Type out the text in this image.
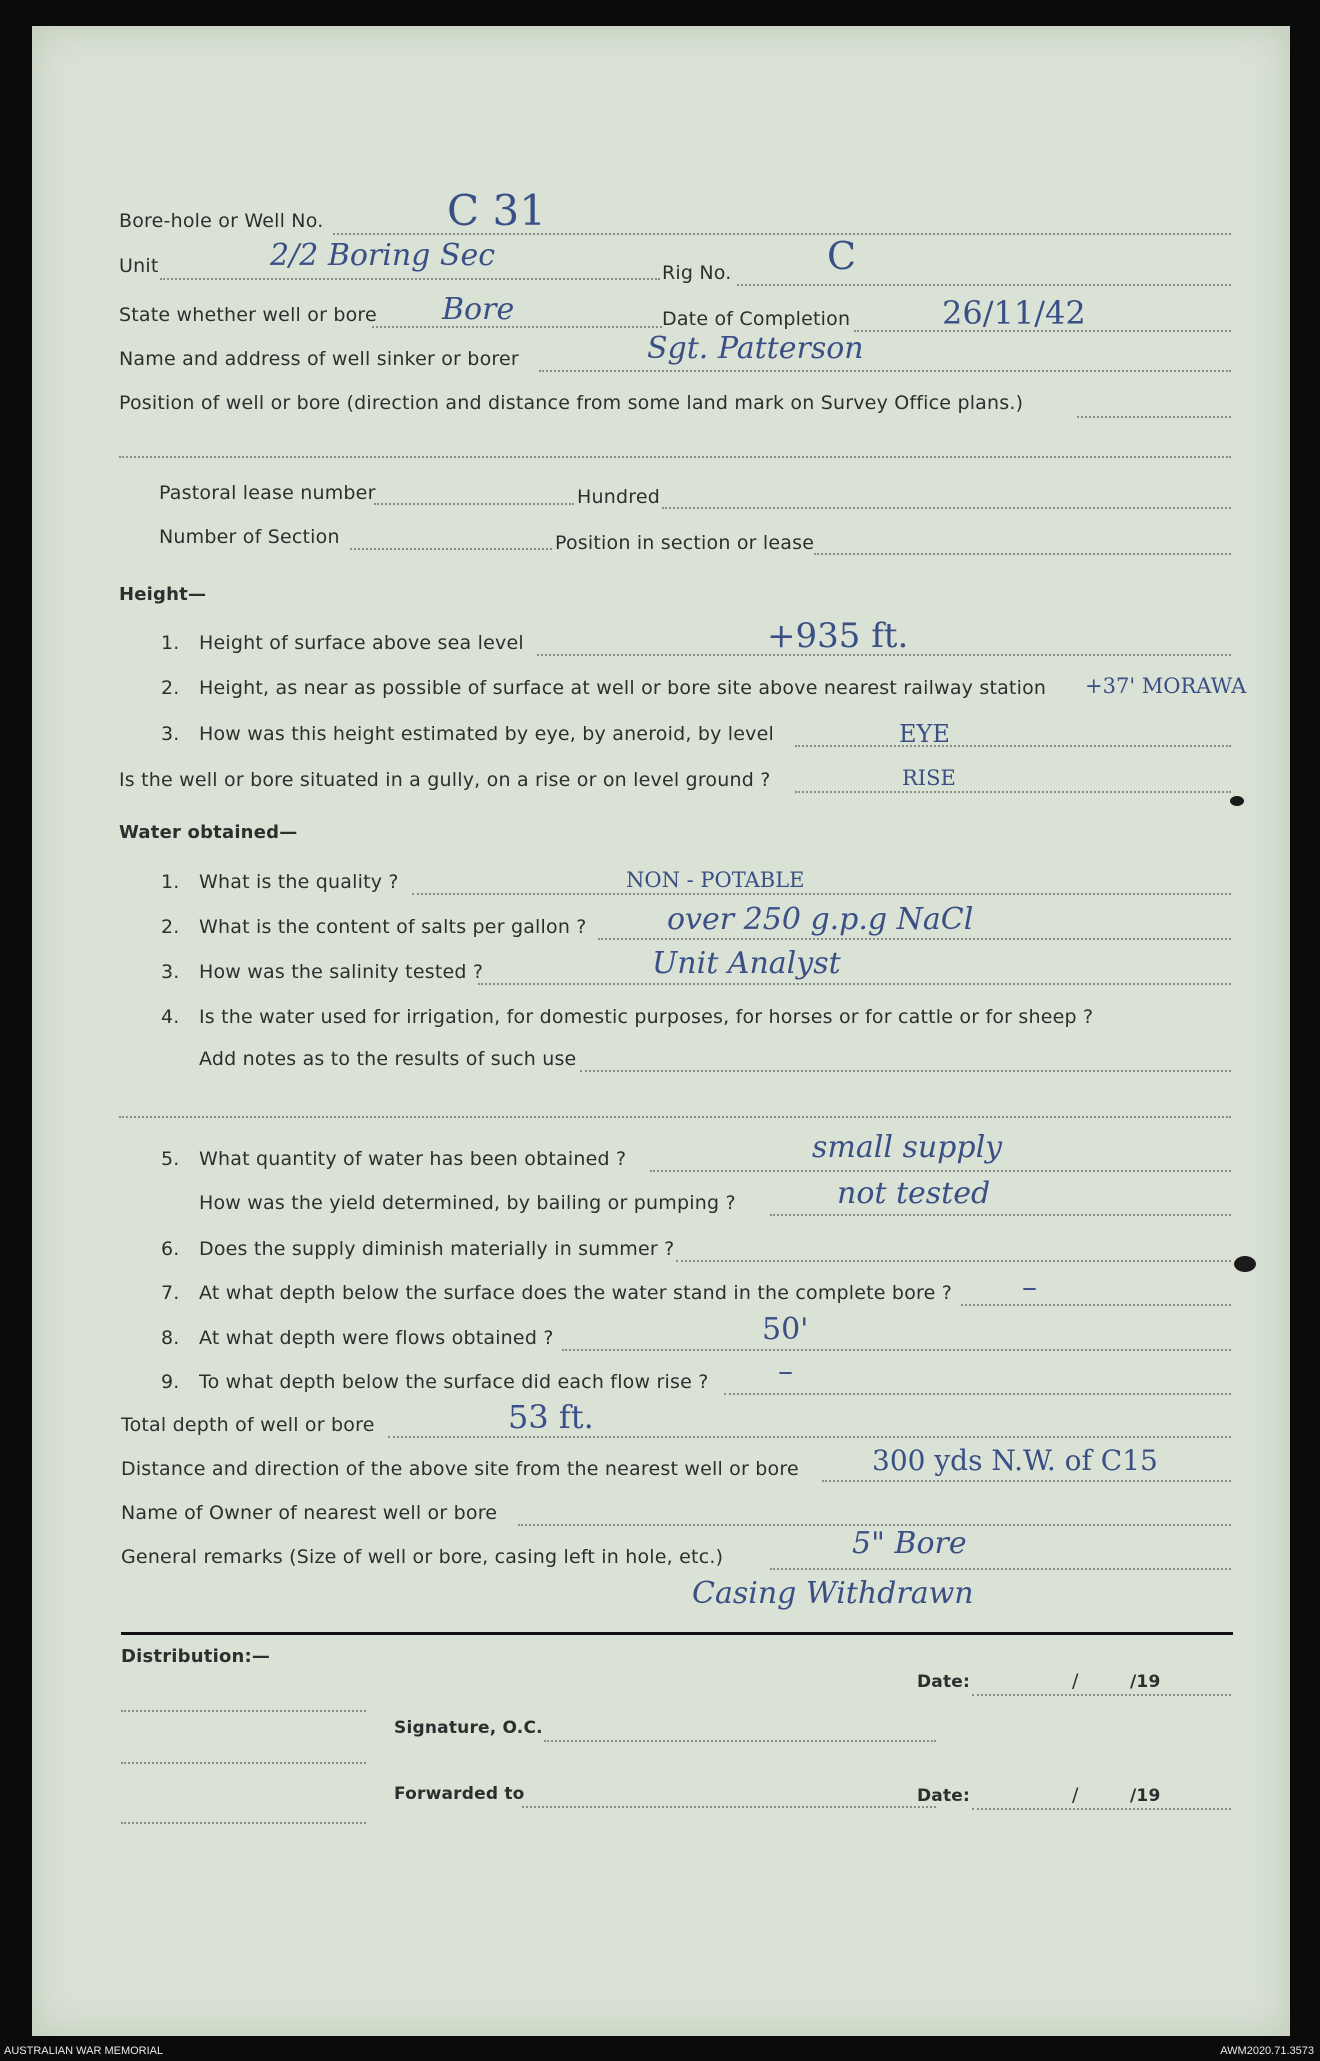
Bore-hole or Well No.	C 31
Unit	2/2 Boring Sec	Rig No.	C
State whether well or bore Bore	Date of Completion	26/11/42
Name and address of well sinker or borer	Sgt. Patterson
Position of well or bore (direction and distance from some land mark on Survey Office plans.)
Pastoral lease number	Hundred
Number of Section	Position in section or lease
Height—
1. Height of surface above sea level	+935 ft.
2. Height, as near as possible of surface at well or bore site above nearest railway station +37' MORAWA
3. How was this height estimated by eye, by aneroid, by level	EYE
Is the well or bore situated in a gully, on a rise or on level ground ?	RISE
Water obtained—
1. What is the quality ?	NON - POTABLE
2. What is the content of salts per gallon ?	over 250 g.p.g NaCl
3. How was the salinity tested ?	Unit Analyst
4. Is the water used for irrigation, for domestic purposes, for horses or for cattle or for sheep ?
Add notes as to the results of such use
5. What quantity of water has been obtained ?	small supply
How was the yield determined, by bailing or pumping ?	not tested
6. Does the supply diminish materially in summer ?
7. At what depth below the surface does the water stand in the complete bore ? –
8. At what depth were flows obtained ?	50'
9. To what depth below the surface did each flow rise ? –
Total depth of well or bore	53 ft.
Distance and direction of the above site from the nearest well or bore	300 yds N.W. of C15
Name of Owner of nearest well or bore
General remarks (Size of well or bore, casing left in hole, etc.)	5" Bore
Casing Withdrawn
Distribution:—
Date:	/	/19
Signature, O.C.
Forwarded to	Date:	/	/19
AUSTRALIAN WAR MEMORIAL	AWM2020.71.3573
